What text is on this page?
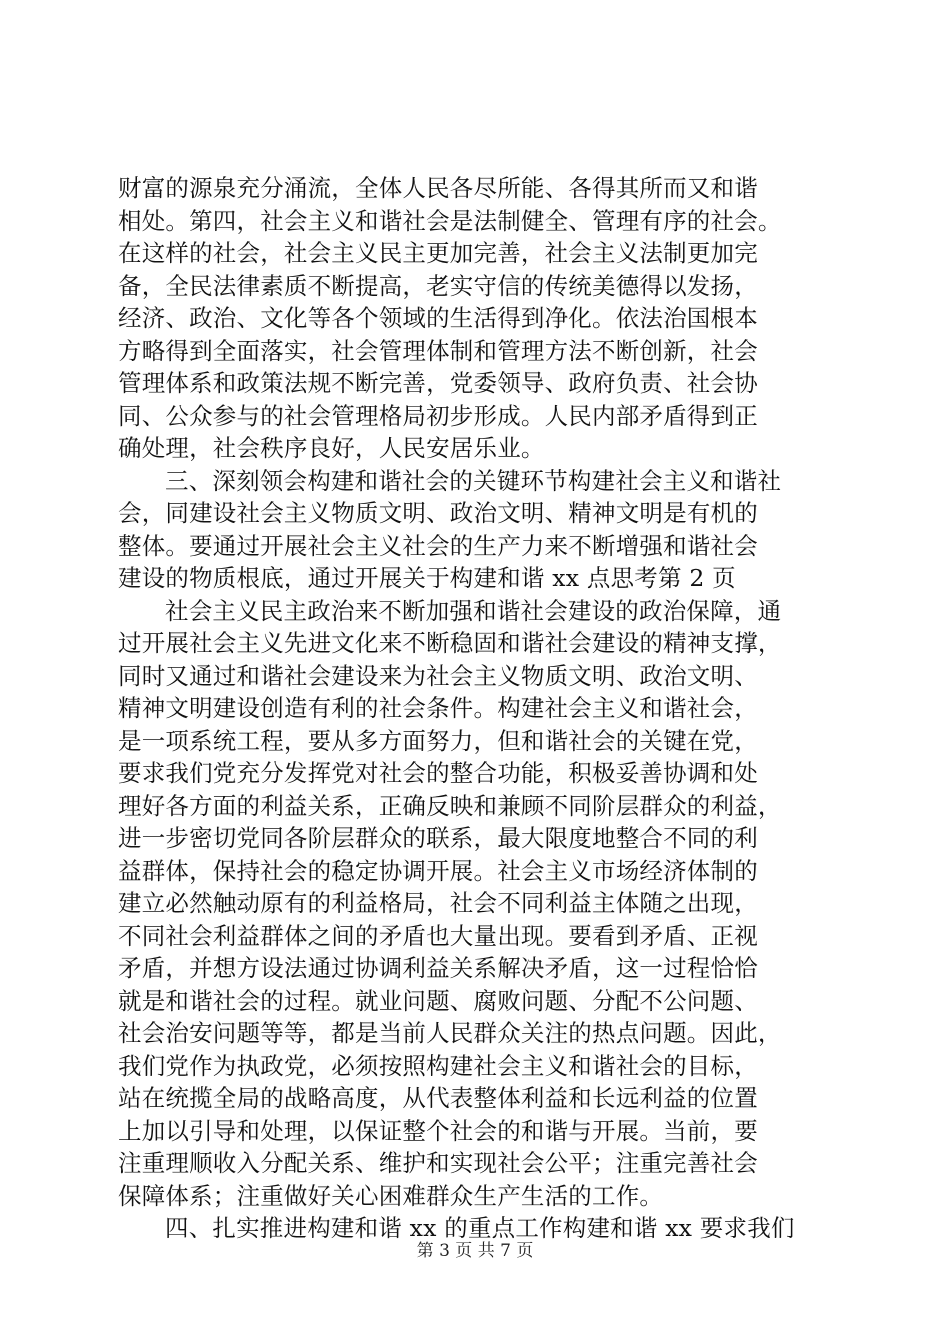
财富的源泉充分涌流，全体人民各尽所能、各得其所而又和谐
相处。第四，社会主义和谐社会是法制健全、管理有序的社会。
在这样的社会，社会主义民主更加完善，社会主义法制更加完
备，全民法律素质不断提高，老实守信的传统美德得以发扬，
经济、政治、文化等各个领域的生活得到净化。依法治国根本
方略得到全面落实，社会管理体制和管理方法不断创新，社会
管理体系和政策法规不断完善，党委领导、政府负责、社会协
同、公众参与的社会管理格局初步形成。人民内部矛盾得到正
确处理，社会秩序良好，人民安居乐业。
三、深刻领会构建和谐社会的关键环节构建社会主义和谐社
会，同建设社会主义物质文明、政治文明、精神文明是有机的
整体。要通过开展社会主义社会的生产力来不断增强和谐社会
建设的物质根底，通过开展关于构建和谐 xx 点思考第 2 页
社会主义民主政治来不断加强和谐社会建设的政治保障，通
过开展社会主义先进文化来不断稳固和谐社会建设的精神支撑，
同时又通过和谐社会建设来为社会主义物质文明、政治文明、
精神文明建设创造有利的社会条件。构建社会主义和谐社会，
是一项系统工程，要从多方面努力，但和谐社会的关键在党，
要求我们党充分发挥党对社会的整合功能，积极妥善协调和处
理好各方面的利益关系，正确反映和兼顾不同阶层群众的利益，
进一步密切党同各阶层群众的联系，最大限度地整合不同的利
益群体，保持社会的稳定协调开展。社会主义市场经济体制的
建立必然触动原有的利益格局，社会不同利益主体随之出现，
不同社会利益群体之间的矛盾也大量出现。要看到矛盾、正视
矛盾，并想方设法通过协调利益关系解决矛盾，这一过程恰恰
就是和谐社会的过程。就业问题、腐败问题、分配不公问题、
社会治安问题等等，都是当前人民群众关注的热点问题。因此，
我们党作为执政党，必须按照构建社会主义和谐社会的目标，
站在统揽全局的战略高度，从代表整体利益和长远利益的位置
上加以引导和处理，以保证整个社会的和谐与开展。当前，要
注重理顺收入分配关系、维护和实现社会公平；注重完善社会
保障体系；注重做好关心困难群众生产生活的工作。
四、扎实推进构建和谐 xx 的重点工作构建和谐 xx 要求我们
第 3 页 共 7 页
